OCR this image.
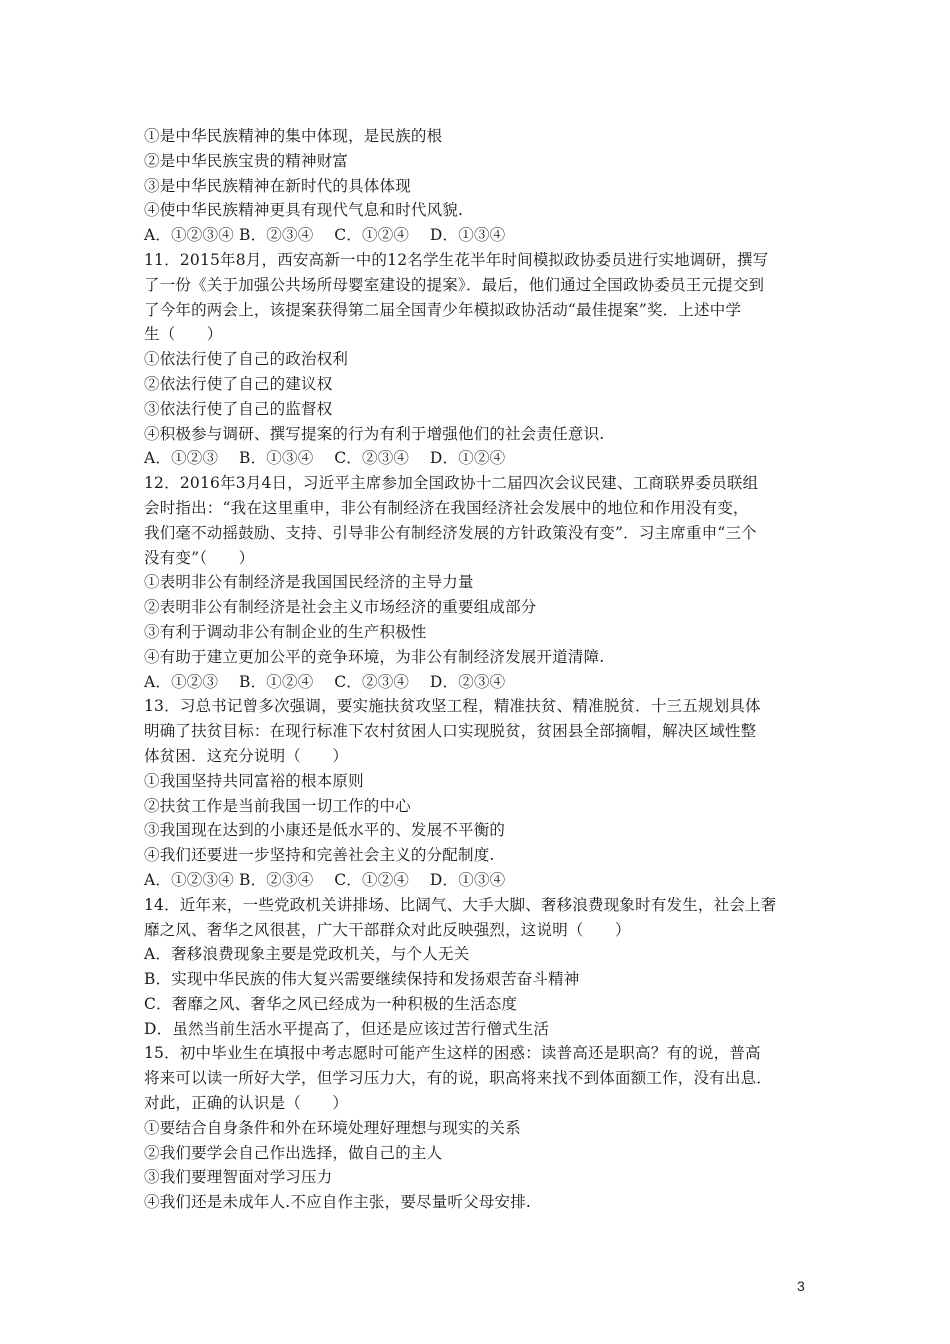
①是中华民族精神的集中体现，是民族的根
②是中华民族宝贵的精神财富
③是中华民族精神在新时代的具体体现
④使中华民族精神更具有现代气息和时代风貌.
A．①②③④ B．②③④　 C．①②④　 D．①③④
11．2015年8月，西安高新一中的12名学生花半年时间模拟政协委员进行实地调研，撰写
了一份《关于加强公共场所母婴室建设的提案》．最后，他们通过全国政协委员王元提交到
了今年的两会上，该提案获得第二届全国青少年模拟政协活动“最佳提案”奖．上述中学
生（　　）
①依法行使了自己的政治权利
②依法行使了自己的建议权
③依法行使了自己的监督权
④积极参与调研、撰写提案的行为有利于增强他们的社会责任意识.
A．①②③　 B．①③④　 C．②③④　 D．①②④
12．2016年3月4日，习近平主席参加全国政协十二届四次会议民建、工商联界委员联组
会时指出：“我在这里重申，非公有制经济在我国经济社会发展中的地位和作用没有变，
我们毫不动摇鼓励、支持、引导非公有制经济发展的方针政策没有变”．习主席重申“三个
没有变”（　　）
①表明非公有制经济是我国国民经济的主导力量
②表明非公有制经济是社会主义市场经济的重要组成部分
③有利于调动非公有制企业的生产积极性
④有助于建立更加公平的竞争环境，为非公有制经济发展开道清障.
A．①②③　 B．①②④　 C．②③④　 D．②③④
13．习总书记曾多次强调，要实施扶贫攻坚工程，精准扶贫、精准脱贫．十三五规划具体
明确了扶贫目标：在现行标准下农村贫困人口实现脱贫，贫困县全部摘帽，解决区域性整
体贫困．这充分说明（　　）
①我国坚持共同富裕的根本原则
②扶贫工作是当前我国一切工作的中心
③我国现在达到的小康还是低水平的、发展不平衡的
④我们还要进一步坚持和完善社会主义的分配制度.
A．①②③④ B．②③④　 C．①②④　 D．①③④
14．近年来，一些党政机关讲排场、比阔气、大手大脚、奢移浪费现象时有发生，社会上奢
靡之风、奢华之风很甚，广大干部群众对此反映强烈，这说明（　　）
A．奢移浪费现象主要是党政机关，与个人无关
B．实现中华民族的伟大复兴需要继续保持和发扬艰苦奋斗精神
C．奢靡之风、奢华之风已经成为一种积极的生活态度
D．虽然当前生活水平提高了，但还是应该过苦行僧式生活
15．初中毕业生在填报中考志愿时可能产生这样的困惑：读普高还是职高？有的说，普高
将来可以读一所好大学，但学习压力大，有的说，职高将来找不到体面额工作，没有出息．
对此，正确的认识是（　　）
①要结合自身条件和外在环境处理好理想与现实的关系
②我们要学会自己作出选择，做自己的主人
③我们要理智面对学习压力
④我们还是未成年人.不应自作主张，要尽量听父母安排.
3
